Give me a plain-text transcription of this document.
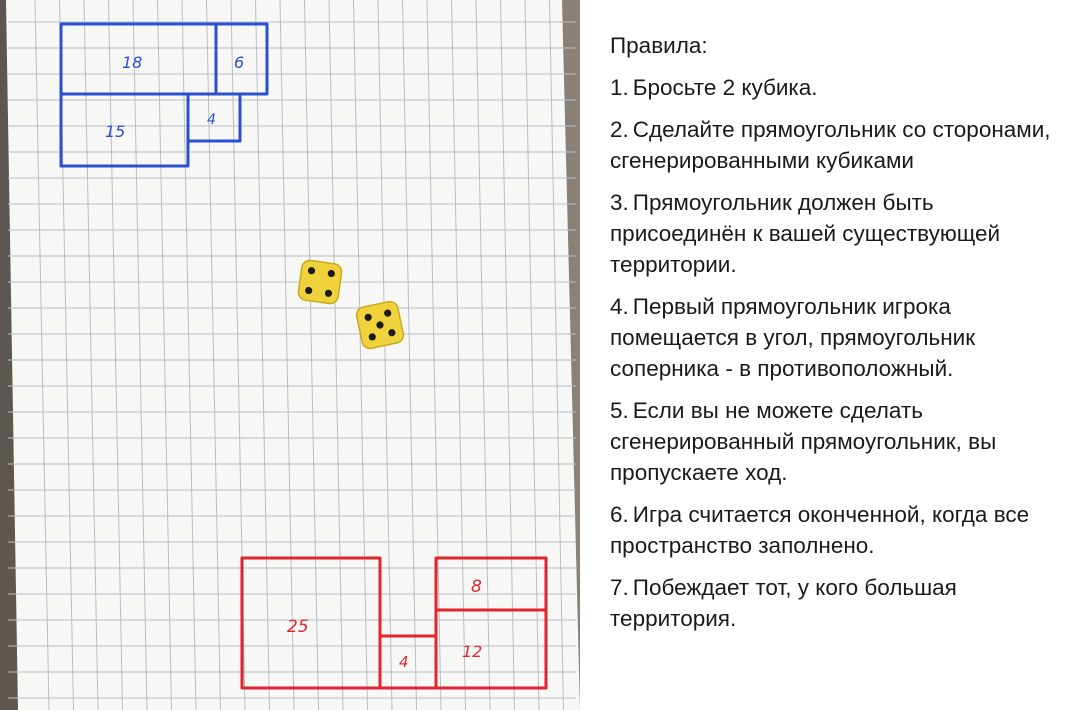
18	6
15
4
25
8
4
12
Правила:
1. Бросьте 2 кубика.
2. Сделайте прямоугольник со сторонами, сгенерированными кубиками
3. Прямоугольник должен быть присоединён к вашей существующей территории.
4. Первый прямоугольник игрока помещается в угол, прямоугольник соперника - в противоположный.
5. Если вы не можете сделать сгенерированный прямоугольник, вы пропускаете ход.
6. Игра считается оконченной, когда все пространство заполнено.
7. Побеждает тот, у кого большая территория.
